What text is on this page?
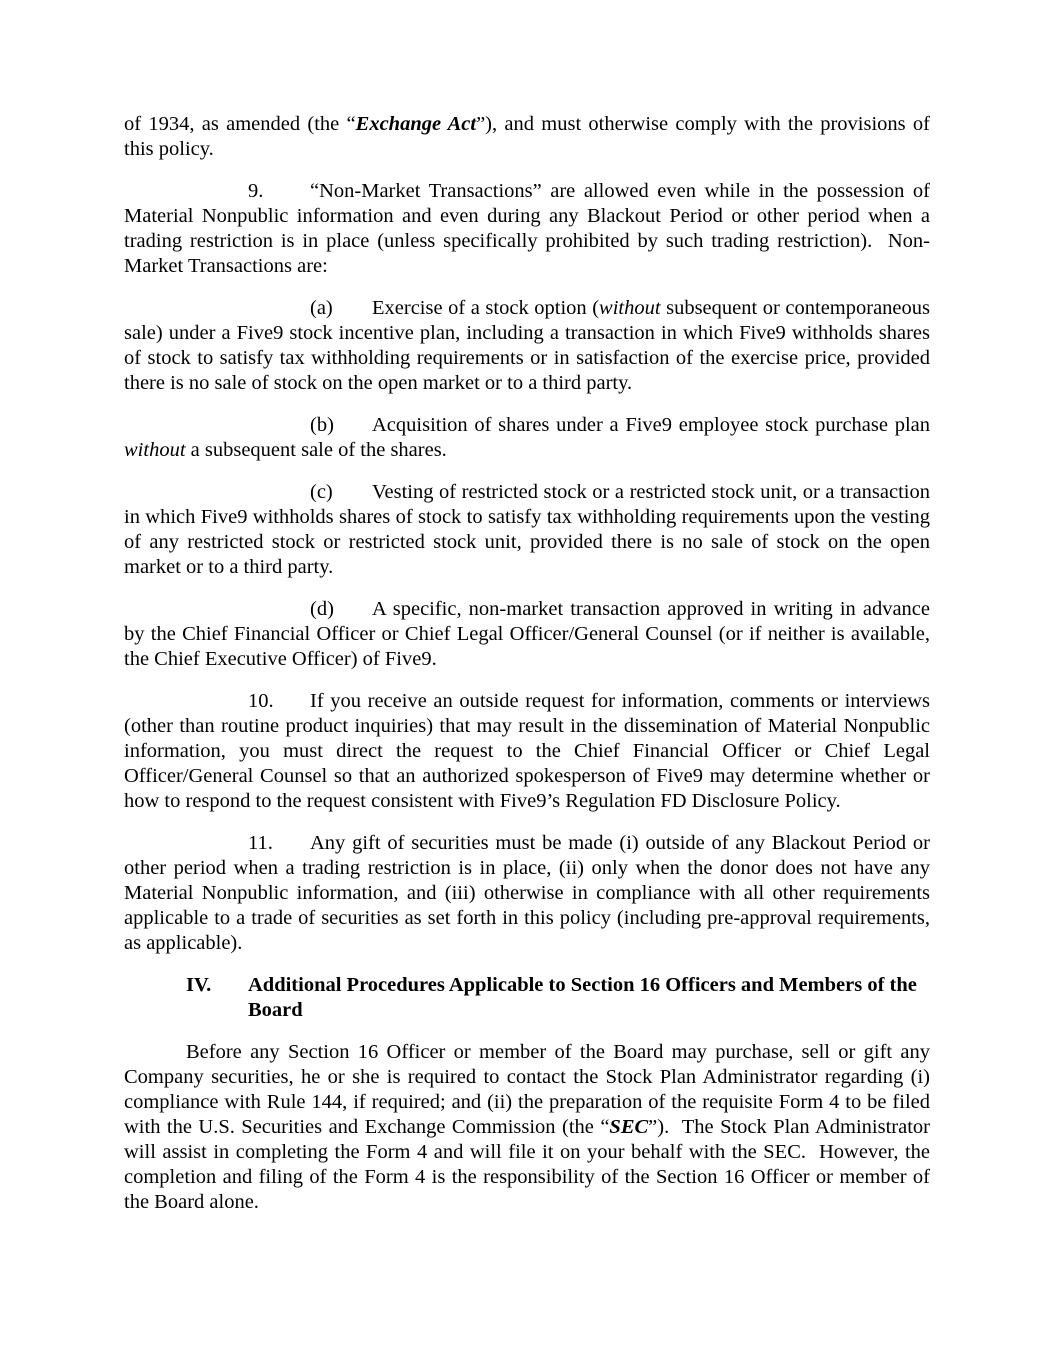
of 1934, as amended (the “Exchange Act”), and must otherwise comply with the provisions of this policy.

9. “Non-Market Transactions” are allowed even while in the possession of Material Nonpublic information and even during any Blackout Period or other period when a trading restriction is in place (unless specifically prohibited by such trading restriction).  Non-Market Transactions are:

(a) Exercise of a stock option (without subsequent or contemporaneous sale) under a Five9 stock incentive plan, including a transaction in which Five9 withholds shares of stock to satisfy tax withholding requirements or in satisfaction of the exercise price, provided there is no sale of stock on the open market or to a third party.

(b) Acquisition of shares under a Five9 employee stock purchase plan without a subsequent sale of the shares.

(c) Vesting of restricted stock or a restricted stock unit, or a transaction in which Five9 withholds shares of stock to satisfy tax withholding requirements upon the vesting of any restricted stock or restricted stock unit, provided there is no sale of stock on the open market or to a third party.

(d) A specific, non-market transaction approved in writing in advance by the Chief Financial Officer or Chief Legal Officer/General Counsel (or if neither is available, the Chief Executive Officer) of Five9.

10. If you receive an outside request for information, comments or interviews (other than routine product inquiries) that may result in the dissemination of Material Nonpublic information, you must direct the request to the Chief Financial Officer or Chief Legal Officer/General Counsel so that an authorized spokesperson of Five9 may determine whether or how to respond to the request consistent with Five9’s Regulation FD Disclosure Policy.

11. Any gift of securities must be made (i) outside of any Blackout Period or other period when a trading restriction is in place, (ii) only when the donor does not have any Material Nonpublic information, and (iii) otherwise in compliance with all other requirements applicable to a trade of securities as set forth in this policy (including pre-approval requirements, as applicable).

IV.	Additional Procedures Applicable to Section 16 Officers and Members of the Board

Before any Section 16 Officer or member of the Board may purchase, sell or gift any Company securities, he or she is required to contact the Stock Plan Administrator regarding (i) compliance with Rule 144, if required; and (ii) the preparation of the requisite Form 4 to be filed with the U.S. Securities and Exchange Commission (the “SEC”).  The Stock Plan Administrator will assist in completing the Form 4 and will file it on your behalf with the SEC.  However, the completion and filing of the Form 4 is the responsibility of the Section 16 Officer or member of the Board alone.
